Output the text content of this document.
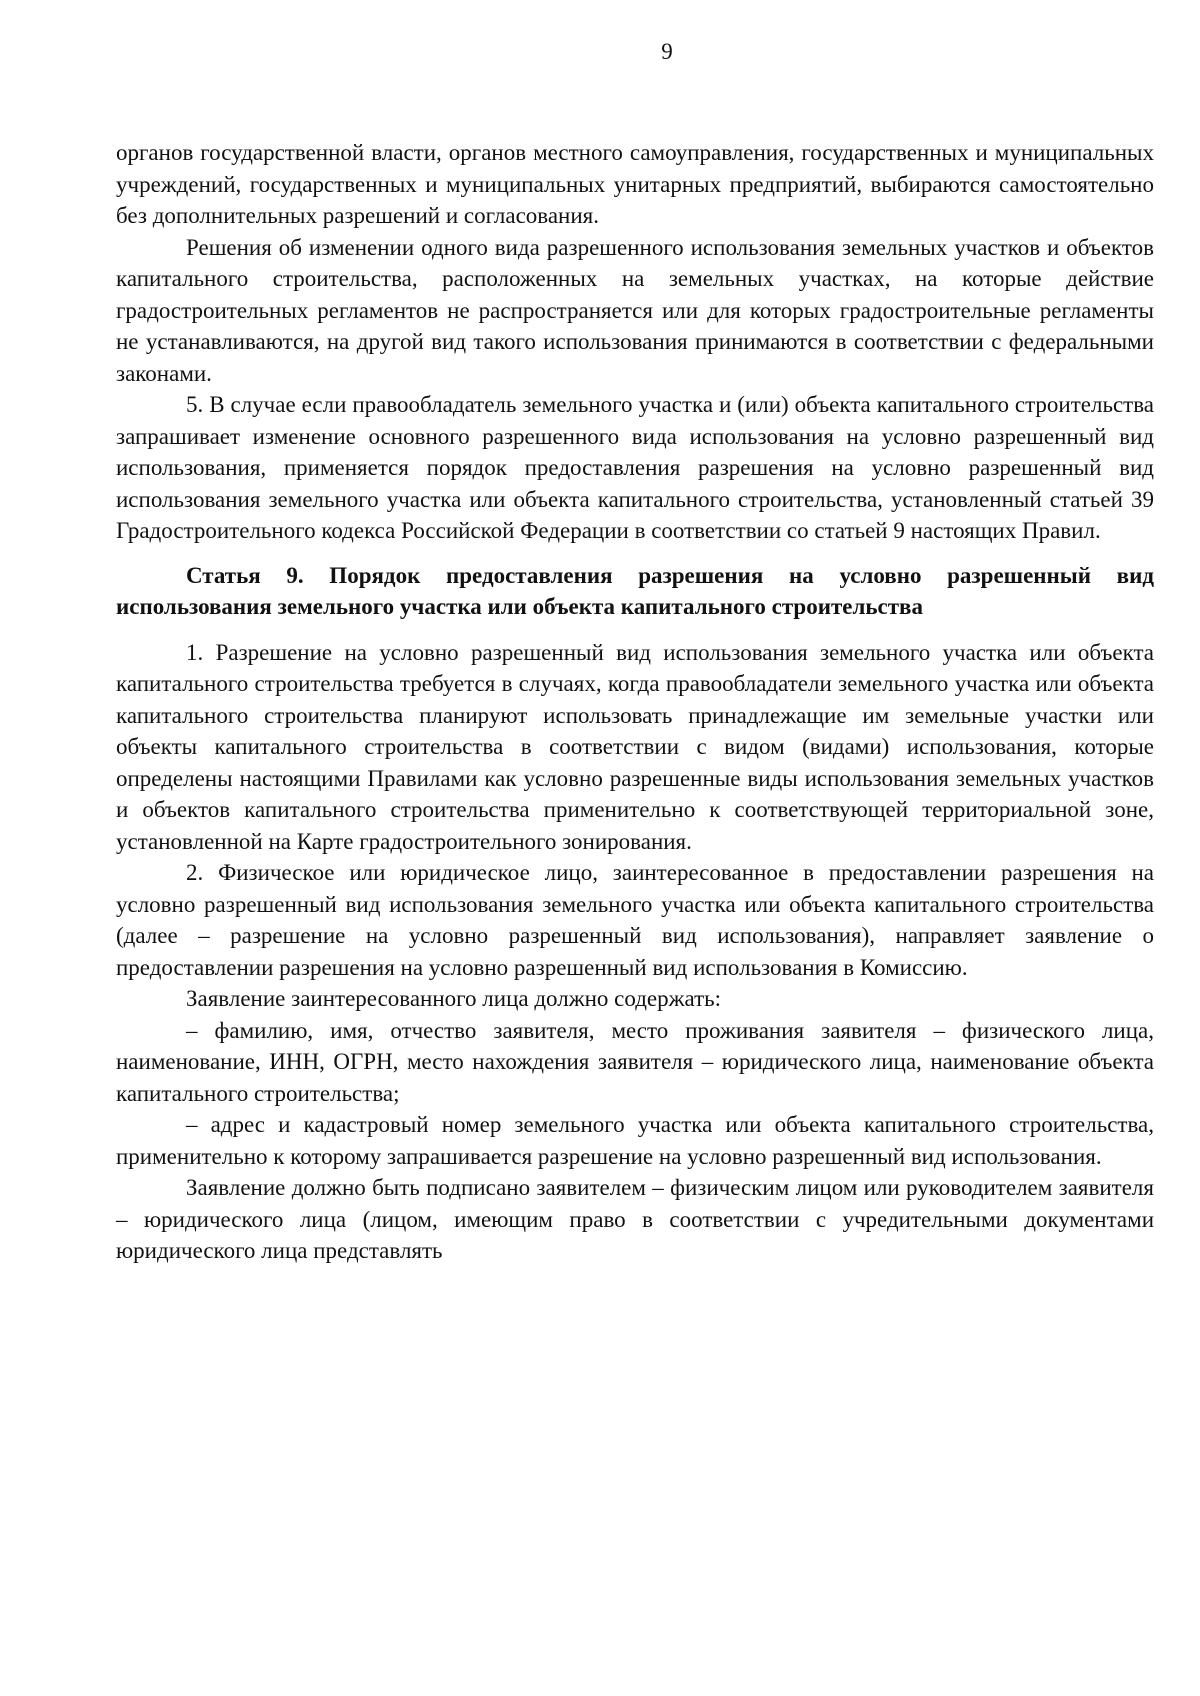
9

органов государственной власти, органов местного самоуправления, государственных и муниципальных учреждений, государственных и муниципальных унитарных предприятий, выбираются самостоятельно без дополнительных разрешений и согласования.

Решения об изменении одного вида разрешенного использования земельных участков и объектов капитального строительства, расположенных на земельных участках, на которые действие градостроительных регламентов не распространяется или для которых градостроительные регламенты не устанавливаются, на другой вид такого использования принимаются в соответствии с федеральными законами.

5. В случае если правообладатель земельного участка и (или) объекта капитального строительства запрашивает изменение основного разрешенного вида использования на условно разрешенный вид использования, применяется порядок предоставления разрешения на условно разрешенный вид использования земельного участка или объекта капитального строительства, установленный статьей 39 Градостроительного кодекса Российской Федерации в соответствии со статьей 9 настоящих Правил.

Статья 9. Порядок предоставления разрешения на условно разрешенный вид использования земельного участка или объекта капитального строительства

1. Разрешение на условно разрешенный вид использования земельного участка или объекта капитального строительства требуется в случаях, когда правообладатели земельного участка или объекта капитального строительства планируют использовать принадлежащие им земельные участки или объекты капитального строительства в соответствии с видом (видами) использования, которые определены настоящими Правилами как условно разрешенные виды использования земельных участков и объектов капитального строительства применительно к соответствующей территориальной зоне, установленной на Карте градостроительного зонирования.

2. Физическое или юридическое лицо, заинтересованное в предоставлении разрешения на условно разрешенный вид использования земельного участка или объекта капитального строительства (далее – разрешение на условно разрешенный вид использования), направляет заявление о предоставлении разрешения на условно разрешенный вид использования в Комиссию.

Заявление заинтересованного лица должно содержать:

– фамилию, имя, отчество заявителя, место проживания заявителя – физического лица, наименование, ИНН, ОГРН, место нахождения заявителя – юридического лица, наименование объекта капитального строительства;

– адрес и кадастровый номер земельного участка или объекта капитального строительства, применительно к которому запрашивается разрешение на условно разрешенный вид использования.

Заявление должно быть подписано заявителем – физическим лицом или руководителем заявителя – юридического лица (лицом, имеющим право в соответствии с учредительными документами юридического лица представлять
